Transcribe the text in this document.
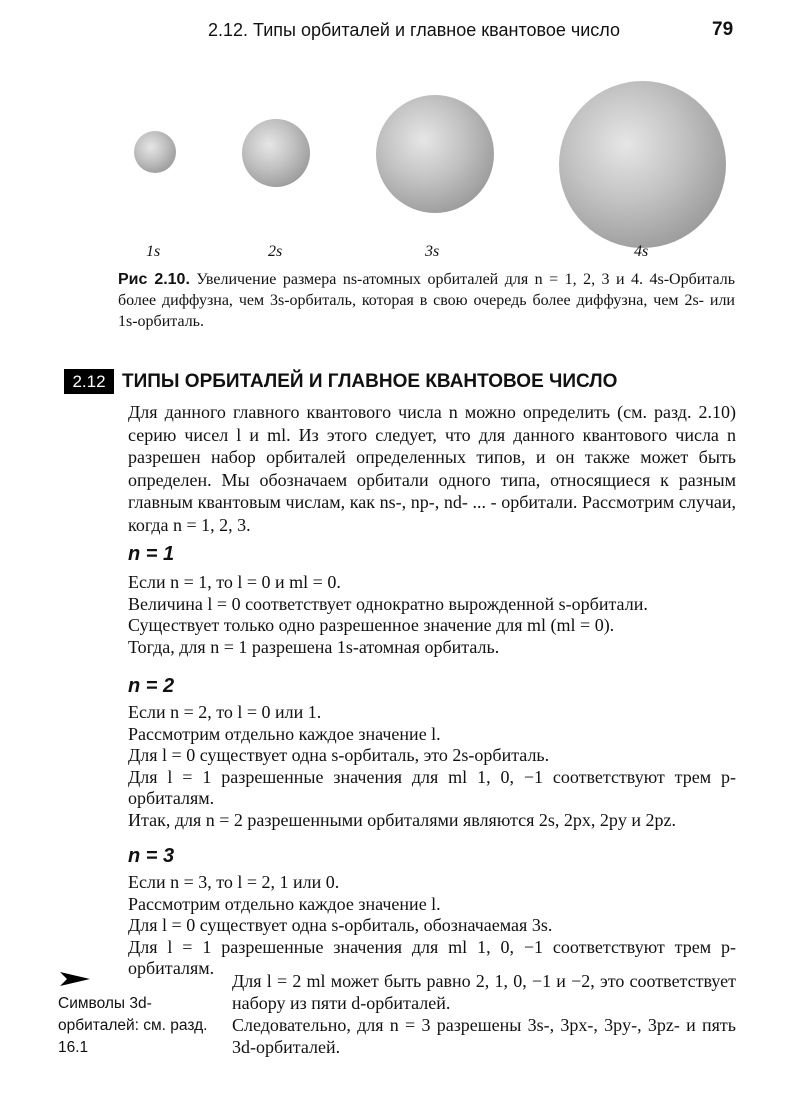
2.12. Типы орбиталей и главное квантовое число	79
1s	2s	3s	4s
Рис 2.10. Увеличение размера ns-атомных орбиталей для n = 1, 2, 3 и 4. 4s-Орбиталь более диффузна, чем 3s-орбиталь, которая в свою очередь более диффузна, чем 2s- или 1s-орбиталь.
2.12 ТИПЫ ОРБИТАЛЕЙ И ГЛАВНОЕ КВАНТОВОЕ ЧИСЛО
Для данного главного квантового числа n можно определить (см. разд. 2.10) серию чисел l и ml. Из этого следует, что для данного квантового числа n разрешен набор орбиталей определенных типов, и он также может быть определен. Мы обозначаем орбитали одного типа, относящиеся к разным главным квантовым числам, как ns-, np-, nd- ... - орбитали. Рассмотрим случаи, когда n = 1, 2, 3.
n = 1

Если n = 1, то l = 0 и ml = 0.

Величина l = 0 соответствует однократно вырожденной s-орбитали.

Существует только одно разрешенное значение для ml (ml = 0).

Тогда, для n = 1 разрешена 1s-атомная орбиталь.

n = 2

Если n = 2, то l = 0 или 1.

Рассмотрим отдельно каждое значение l.

Для l = 0 существует одна s-орбиталь, это 2s-орбиталь.

Для l = 1 разрешенные значения для ml 1, 0, −1 соответствуют трем p-орбиталям.

Итак, для n = 2 разрешенными орбиталями являются 2s, 2px, 2py и 2pz.

n = 3

Если n = 3, то l = 2, 1 или 0.

Рассмотрим отдельно каждое значение l.

Для l = 0 существует одна s-орбиталь, обозначаемая 3s.

Для l = 1 разрешенные значения для ml 1, 0, −1 соответствуют трем p-орбиталям.

Символы 3d-орбиталей: см. разд. 16.1

Для l = 2 ml может быть равно 2, 1, 0, −1 и −2, это соответствует набору из пяти d-орбиталей.

Следовательно, для n = 3 разрешены 3s-, 3px-, 3py-, 3pz- и пять 3d-орбиталей.
